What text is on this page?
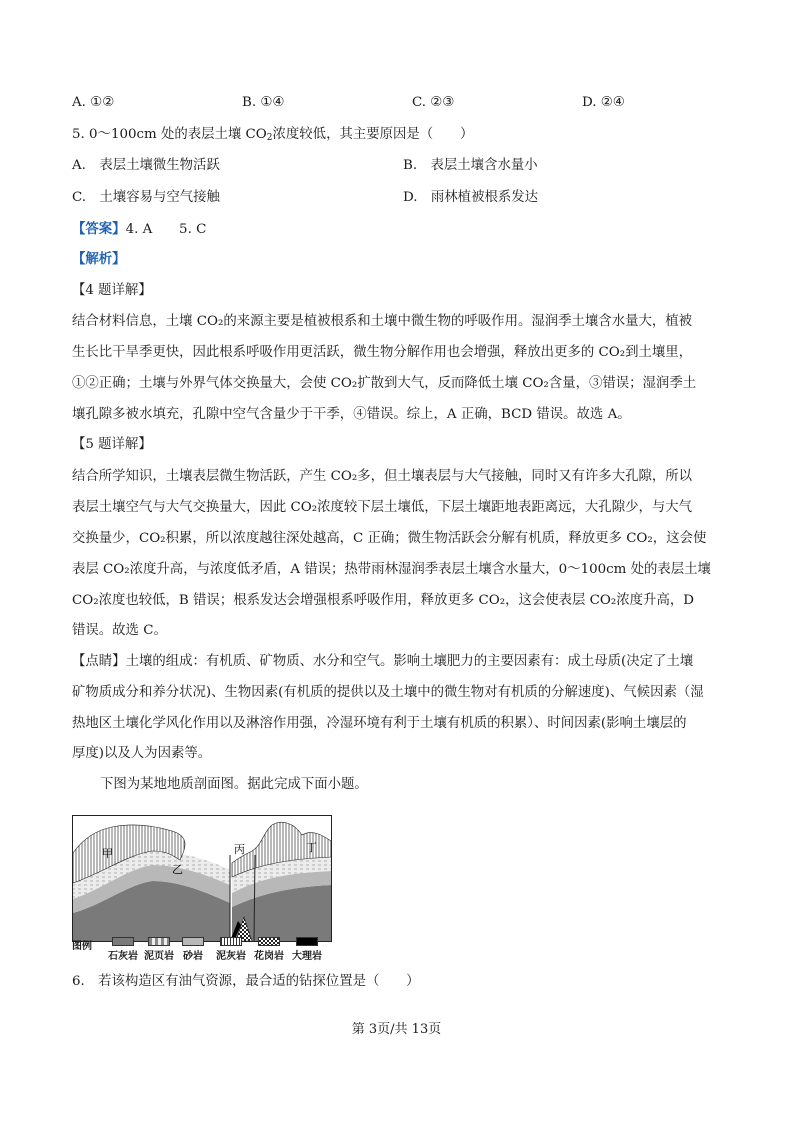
A. ①②	B. ①④	C. ②③	D. ②④
5. 0～100cm 处的表层土壤 $CO_2$浓度较低，其主要原因是（　　）
A.　表层土壤微生物活跃	B.　表层土壤含水量小
C.　土壤容易与空气接触	D.　雨林植被根系发达
【答案】4. A　　5. C
【解析】
【4 题详解】
结合材料信息，土壤 CO₂的来源主要是植被根系和土壤中微生物的呼吸作用。湿润季土壤含水量大，植被
生长比干旱季更快，因此根系呼吸作用更活跃，微生物分解作用也会增强，释放出更多的 CO₂到土壤里，
①②正确；土壤与外界气体交换量大，会使 CO₂扩散到大气，反而降低土壤 CO₂含量，③错误；湿润季土
壤孔隙多被水填充，孔隙中空气含量少于干季，④错误。综上，A 正确，BCD 错误。故选 A。
【5 题详解】
结合所学知识，土壤表层微生物活跃，产生 CO₂多，但土壤表层与大气接触，同时又有许多大孔隙，所以
表层土壤空气与大气交换量大，因此 CO₂浓度较下层土壤低，下层土壤距地表距离远，大孔隙少，与大气
交换量少，CO₂积累，所以浓度越往深处越高，C 正确；微生物活跃会分解有机质，释放更多 CO₂，这会使
表层 CO₂浓度升高，与浓度低矛盾，A 错误；热带雨林湿润季表层土壤含水量大，0～100cm 处的表层土壤
CO₂浓度也较低，B 错误；根系发达会增强根系呼吸作用，释放更多 CO₂，这会使表层 CO₂浓度升高，D
错误。故选 C。
【点睛】土壤的组成：有机质、矿物质、水分和空气。影响土壤肥力的主要因素有：成土母质(决定了土壤
矿物质成分和养分状况)、生物因素(有机质的提供以及土壤中的微生物对有机质的分解速度)、气候因素（湿
热地区土壤化学风化作用以及淋溶作用强，冷湿环境有利于土壤有机质的积累）、时间因素(影响土壤层的
厚度)以及人为因素等。
下图为某地地质剖面图。据此完成下面小题。
甲
乙
丙	丁
图例
石灰岩 泥页岩 砂岩 泥灰岩 花岗岩 大理岩
6.　若该构造区有油气资源，最合适的钻探位置是（　　）
第 3页/共 13页
